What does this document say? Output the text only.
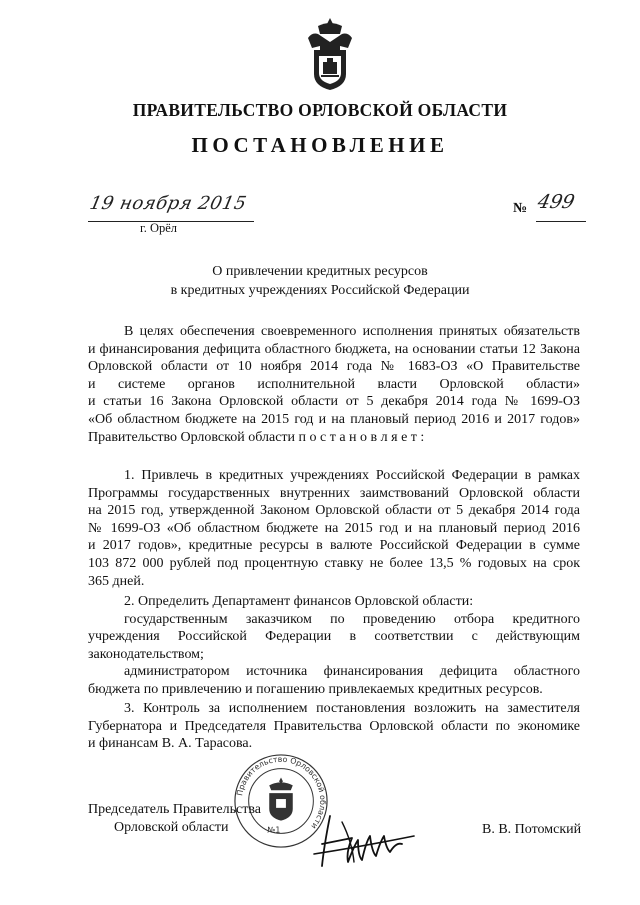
ПРАВИТЕЛЬСТВО ОРЛОВСКОЙ ОБЛАСТИ
ПОСТАНОВЛЕНИЕ
19 ноября 2015
г. Орёл
№ 499
О привлечении кредитных ресурсов
в кредитных учреждениях Российской Федерации
В целях обеспечения своевременного исполнения принятых обязательств
и финансирования дефицита областного бюджета, на основании статьи 12 Закона
Орловской области от 10 ноября 2014 года № 1683-ОЗ «О Правительстве
и системе органов исполнительной власти Орловской области»
и статьи 16 Закона Орловской области от 5 декабря 2014 года № 1699-ОЗ
«Об областном бюджете на 2015 год и на плановый период 2016 и 2017 годов»
Правительство Орловской области п о с т а н о в л я е т :
1. Привлечь в кредитных учреждениях Российской Федерации в рамках
Программы государственных внутренних заимствований Орловской области
на 2015 год, утвержденной Законом Орловской области от 5 декабря 2014 года
№ 1699-ОЗ «Об областном бюджете на 2015 год и на плановый период 2016
и 2017 годов», кредитные ресурсы в валюте Российской Федерации в сумме
103 872 000 рублей под процентную ставку не более 13,5 % годовых на срок
365 дней.
2. Определить Департамент финансов Орловской области:
государственным заказчиком по проведению отбора кредитного
учреждения Российской Федерации в соответствии с действующим
законодательством;
администратором источника финансирования дефицита областного
бюджета по привлечению и погашению привлекаемых кредитных ресурсов.
3. Контроль за исполнением постановления возложить на заместителя
Губернатора и Председателя Правительства Орловской области по экономике
и финансам В. А. Тарасова.
Правительство Орловской области
№1
Председатель Правительства
Орловской области	В. В. Потомский
